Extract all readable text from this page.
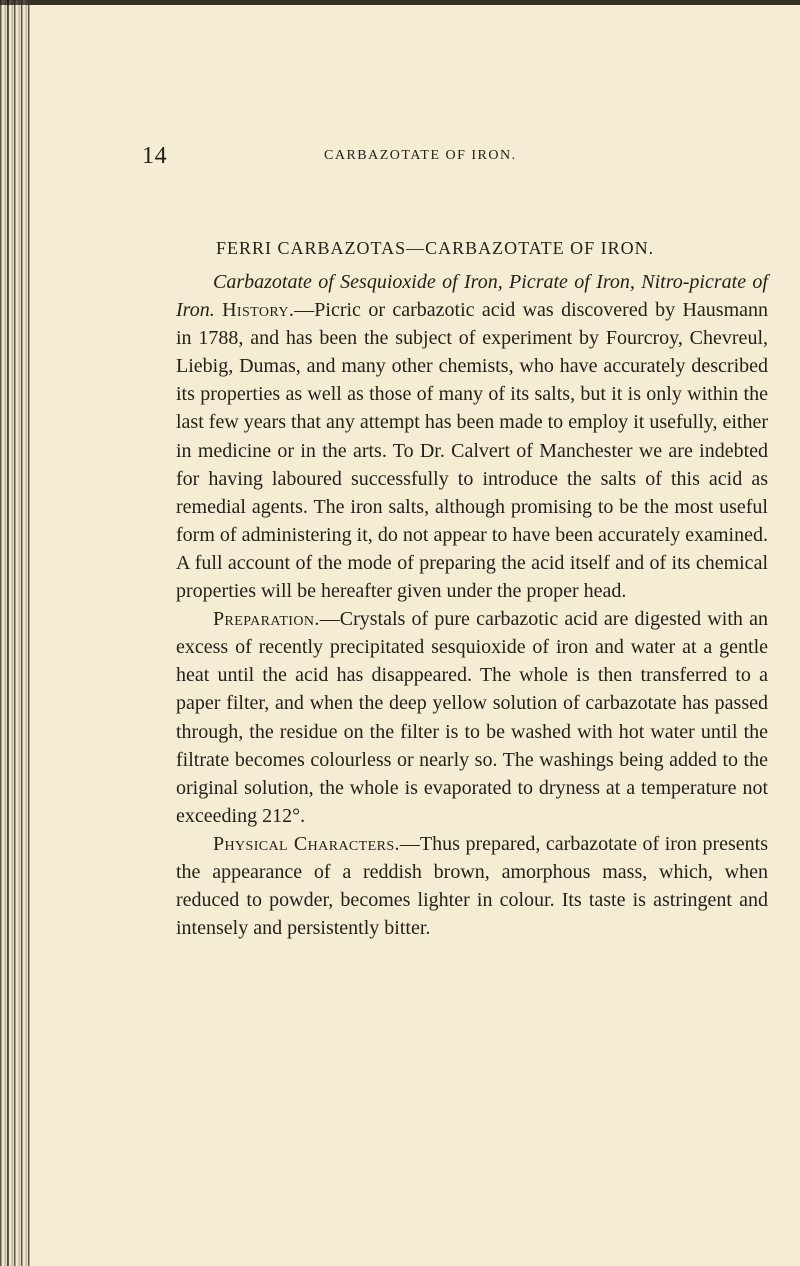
14	CARBAZOTATE OF IRON.
FERRI CARBAZOTAS—CARBAZOTATE OF IRON.

Carbazotate of Sesquioxide of Iron, Picrate of Iron, Nitro-picrate of Iron. History.—Picric or carbazotic acid was discovered by Hausmann in 1788, and has been the subject of experiment by Fourcroy, Chevreul, Liebig, Dumas, and many other chemists, who have accurately described its properties as well as those of many of its salts, but it is only within the last few years that any attempt has been made to employ it usefully, either in medicine or in the arts. To Dr. Calvert of Manchester we are indebted for having laboured successfully to introduce the salts of this acid as remedial agents. The iron salts, although promising to be the most useful form of administering it, do not appear to have been accurately examined. A full account of the mode of preparing the acid itself and of its chemical properties will be hereafter given under the proper head.

Preparation.—Crystals of pure carbazotic acid are digested with an excess of recently precipitated sesquioxide of iron and water at a gentle heat until the acid has disappeared. The whole is then transferred to a paper filter, and when the deep yellow solution of carbazotate has passed through, the residue on the filter is to be washed with hot water until the filtrate becomes colourless or nearly so. The washings being added to the original solution, the whole is evaporated to dryness at a temperature not exceeding 212°.

Physical Characters.—Thus prepared, carbazotate of iron presents the appearance of a reddish brown, amorphous mass, which, when reduced to powder, becomes lighter in colour. Its taste is astringent and intensely and persistently bitter.
